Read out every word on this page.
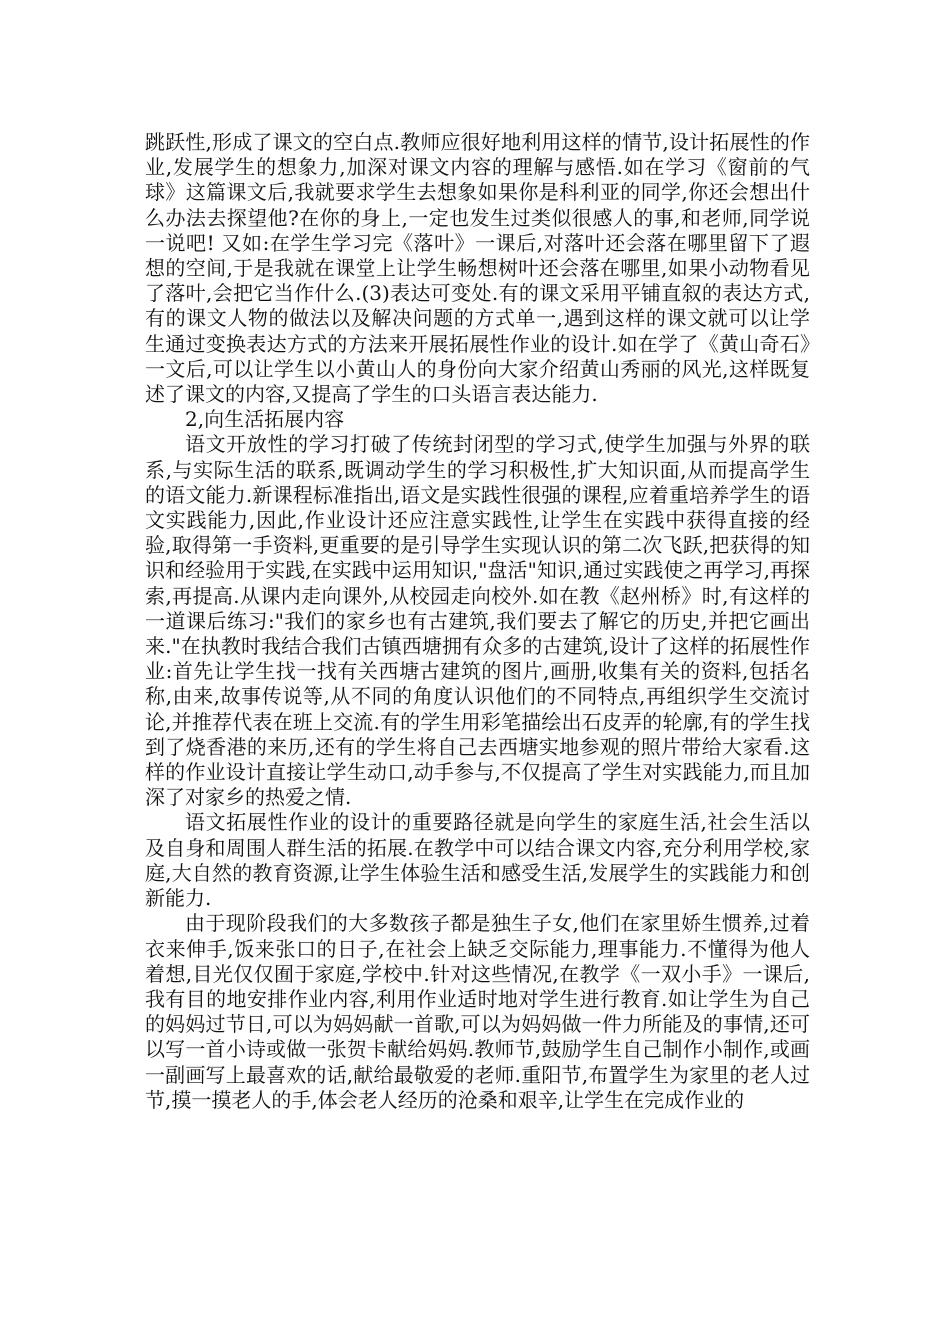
跳跃性,形成了课文的空白点.教师应很好地利用这样的情节,设计拓展性的作业,发展学生的想象力,加深对课文内容的理解与感悟.如在学习《窗前的气球》这篇课文后,我就要求学生去想象如果你是科利亚的同学,你还会想出什么办法去探望他?在你的身上,一定也发生过类似很感人的事,和老师,同学说一说吧! 又如:在学生学习完《落叶》一课后,对落叶还会落在哪里留下了遐想的空间,于是我就在课堂上让学生畅想树叶还会落在哪里,如果小动物看见了落叶,会把它当作什么.(3)表达可变处.有的课文采用平铺直叙的表达方式,有的课文人物的做法以及解决问题的方式单一,遇到这样的课文就可以让学生通过变换表达方式的方法来开展拓展性作业的设计.如在学了《黄山奇石》一文后,可以让学生以小黄山人的身份向大家介绍黄山秀丽的风光,这样既复述了课文的内容,又提高了学生的口头语言表达能力.

2,向生活拓展内容

语文开放性的学习打破了传统封闭型的学习式,使学生加强与外界的联系,与实际生活的联系,既调动学生的学习积极性,扩大知识面,从而提高学生的语文能力.新课程标准指出,语文是实践性很强的课程,应着重培养学生的语文实践能力,因此,作业设计还应注意实践性,让学生在实践中获得直接的经验,取得第一手资料,更重要的是引导学生实现认识的第二次飞跃,把获得的知识和经验用于实践,在实践中运用知识,"盘活"知识,通过实践使之再学习,再探索,再提高.从课内走向课外,从校园走向校外.如在教《赵州桥》时,有这样的一道课后练习:"我们的家乡也有古建筑,我们要去了解它的历史,并把它画出来."在执教时我结合我们古镇西塘拥有众多的古建筑,设计了这样的拓展性作业:首先让学生找一找有关西塘古建筑的图片,画册,收集有关的资料,包括名称,由来,故事传说等,从不同的角度认识他们的不同特点,再组织学生交流讨论,并推荐代表在班上交流.有的学生用彩笔描绘出石皮弄的轮廓,有的学生找到了烧香港的来历,还有的学生将自己去西塘实地参观的照片带给大家看.这样的作业设计直接让学生动口,动手参与,不仅提高了学生对实践能力,而且加深了对家乡的热爱之情.

语文拓展性作业的设计的重要路径就是向学生的家庭生活,社会生活以及自身和周围人群生活的拓展.在教学中可以结合课文内容,充分利用学校,家庭,大自然的教育资源,让学生体验生活和感受生活,发展学生的实践能力和创新能力.

由于现阶段我们的大多数孩子都是独生子女,他们在家里娇生惯养,过着衣来伸手,饭来张口的日子,在社会上缺乏交际能力,理事能力.不懂得为他人着想,目光仅仅囿于家庭,学校中.针对这些情况,在教学《一双小手》一课后,我有目的地安排作业内容,利用作业适时地对学生进行教育.如让学生为自己的妈妈过节日,可以为妈妈献一首歌,可以为妈妈做一件力所能及的事情,还可以写一首小诗或做一张贺卡献给妈妈.教师节,鼓励学生自己制作小制作,或画一副画写上最喜欢的话,献给最敬爱的老师.重阳节,布置学生为家里的老人过节,摸一摸老人的手,体会老人经历的沧桑和艰辛,让学生在完成作业的
